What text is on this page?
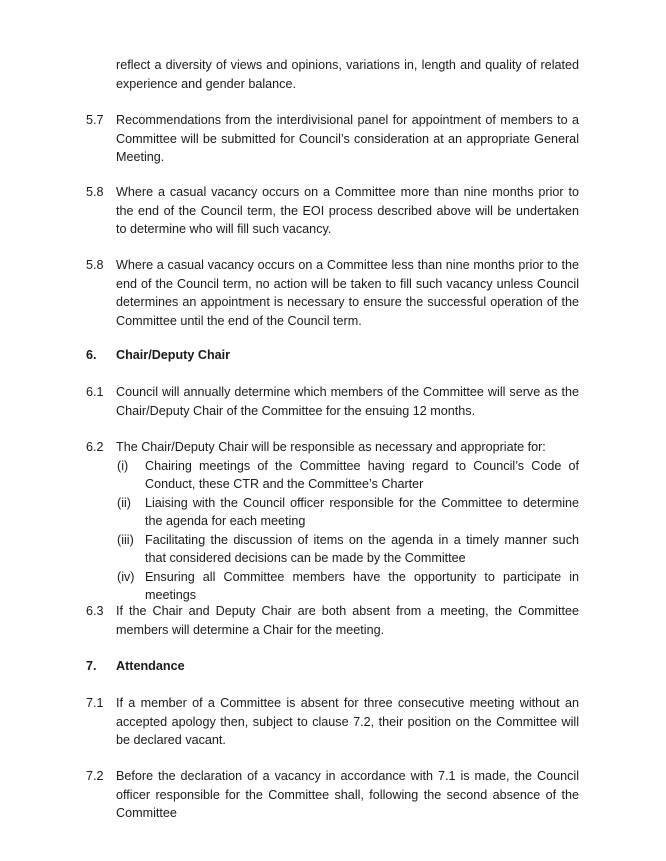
reflect a diversity of views and opinions, variations in, length and quality of related experience and gender balance.
5.7 Recommendations from the interdivisional panel for appointment of members to a Committee will be submitted for Council’s consideration at an appropriate General Meeting.
5.8 Where a casual vacancy occurs on a Committee more than nine months prior to the end of the Council term, the EOI process described above will be undertaken to determine who will fill such vacancy.
5.8 Where a casual vacancy occurs on a Committee less than nine months prior to the end of the Council term, no action will be taken to fill such vacancy unless Council determines an appointment is necessary to ensure the successful operation of the Committee until the end of the Council term.
6. Chair/Deputy Chair
6.1 Council will annually determine which members of the Committee will serve as the Chair/Deputy Chair of the Committee for the ensuing 12 months.
6.2 The Chair/Deputy Chair will be responsible as necessary and appropriate for:
(i) Chairing meetings of the Committee having regard to Council’s Code of Conduct, these CTR and the Committee’s Charter
(ii) Liaising with the Council officer responsible for the Committee to determine the agenda for each meeting
(iii) Facilitating the discussion of items on the agenda in a timely manner such that considered decisions can be made by the Committee
(iv) Ensuring all Committee members have the opportunity to participate in meetings
6.3 If the Chair and Deputy Chair are both absent from a meeting, the Committee members will determine a Chair for the meeting.
7. Attendance
7.1 If a member of a Committee is absent for three consecutive meeting without an accepted apology then, subject to clause 7.2, their position on the Committee will be declared vacant.
7.2 Before the declaration of a vacancy in accordance with 7.1 is made, the Council officer responsible for the Committee shall, following the second absence of the Committee
